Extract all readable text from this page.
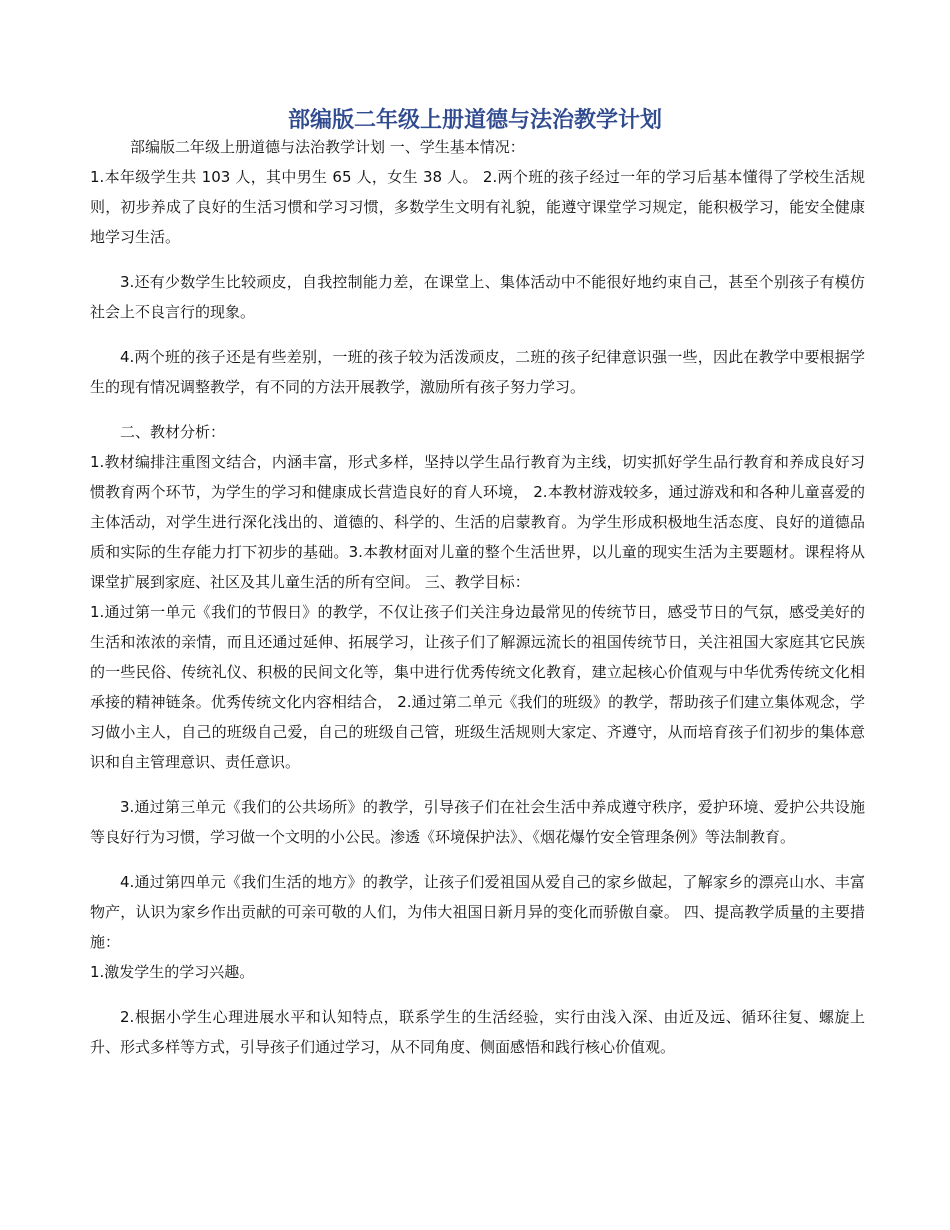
部编版二年级上册道德与法治教学计划

部编版二年级上册道德与法治教学计划 一、学生基本情况：

1.本年级学生共 103 人，其中男生 65 人，女生 38 人。 2.两个班的孩子经过一年的学习后基本懂得了学校生活规则，初步养成了良好的生活习惯和学习习惯，多数学生文明有礼貌，能遵守课堂学习规定，能积极学习，能安全健康地学习生活。

3.还有少数学生比较顽皮，自我控制能力差，在课堂上、集体活动中不能很好地约束自己，甚至个别孩子有模仿社会上不良言行的现象。

4.两个班的孩子还是有些差别，一班的孩子较为活泼顽皮，二班的孩子纪律意识强一些，因此在教学中要根据学生的现有情况调整教学，有不同的方法开展教学，激励所有孩子努力学习。

二、教材分析：

1.教材编排注重图文结合，内涵丰富，形式多样，坚持以学生品行教育为主线，切实抓好学生品行教育和养成良好习惯教育两个环节，为学生的学习和健康成长营造良好的育人环境， 2.本教材游戏较多，通过游戏和和各种儿童喜爱的主体活动，对学生进行深化浅出的、道德的、科学的、生活的启蒙教育。为学生形成积极地生活态度、良好的道德品质和实际的生存能力打下初步的基础。3.本教材面对儿童的整个生活世界，以儿童的现实生活为主要题材。课程将从课堂扩展到家庭、社区及其儿童生活的所有空间。 三、教学目标：

1.通过第一单元《我们的节假日》的教学，不仅让孩子们关注身边最常见的传统节日，感受节日的气氛，感受美好的生活和浓浓的亲情，而且还通过延伸、拓展学习，让孩子们了解源远流长的祖国传统节日，关注祖国大家庭其它民族的一些民俗、传统礼仪、积极的民间文化等，集中进行优秀传统文化教育，建立起核心价值观与中华优秀传统文化相承接的精神链条。优秀传统文化内容相结合， 2.通过第二单元《我们的班级》的教学，帮助孩子们建立集体观念，学习做小主人，自己的班级自己爱，自己的班级自己管，班级生活规则大家定、齐遵守，从而培育孩子们初步的集体意识和自主管理意识、责任意识。

3.通过第三单元《我们的公共场所》的教学，引导孩子们在社会生活中养成遵守秩序，爱护环境、爱护公共设施等良好行为习惯，学习做一个文明的小公民。渗透《环境保护法》、《烟花爆竹安全管理条例》等法制教育。

4.通过第四单元《我们生活的地方》的教学，让孩子们爱祖国从爱自己的家乡做起，了解家乡的漂亮山水、丰富物产，认识为家乡作出贡献的可亲可敬的人们，为伟大祖国日新月异的变化而骄傲自豪。 四、提高教学质量的主要措施：

1.激发学生的学习兴趣。

2.根据小学生心理进展水平和认知特点，联系学生的生活经验，实行由浅入深、由近及远、循环往复、螺旋上升、形式多样等方式，引导孩子们通过学习，从不同角度、侧面感悟和践行核心价值观。
